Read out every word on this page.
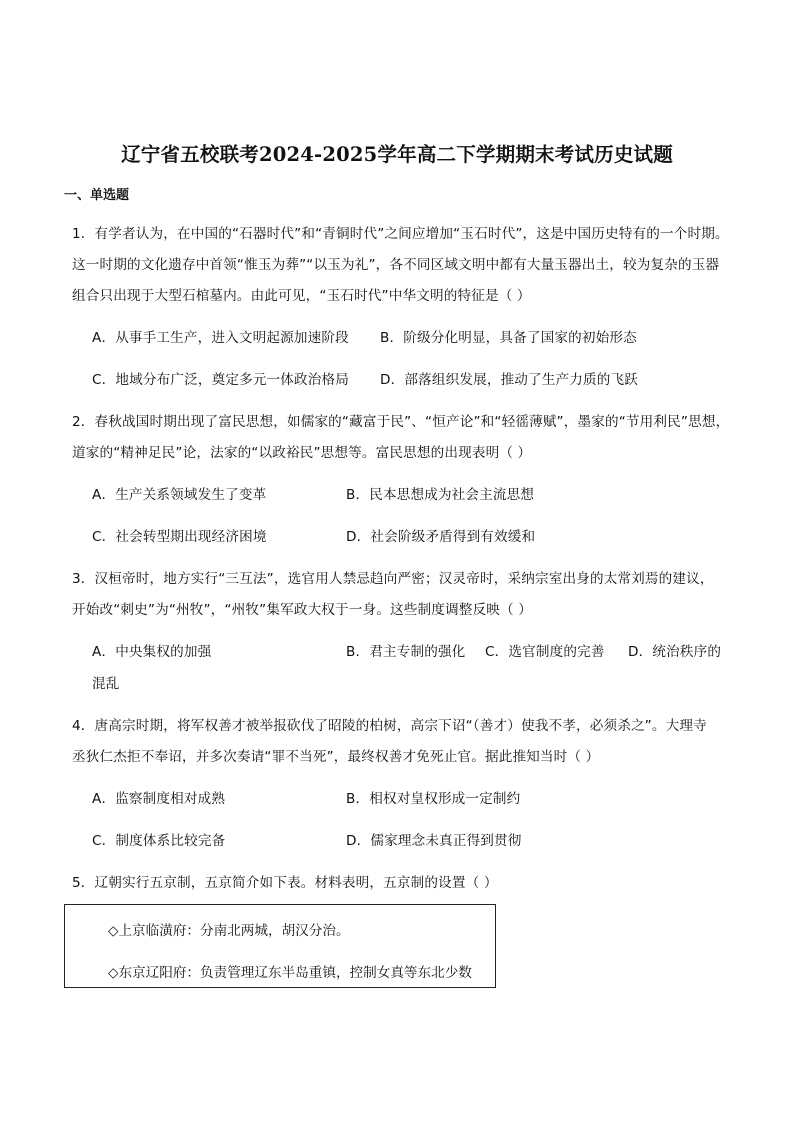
辽宁省五校联考2024-2025学年高二下学期期末考试历史试题
一、单选题
1．有学者认为，在中国的“石器时代”和“青铜时代”之间应增加“玉石时代”，这是中国历史特有的一个时期。
这一时期的文化遗存中首领“惟玉为葬”“以玉为礼”，各不同区域文明中都有大量玉器出土，较为复杂的玉器
组合只出现于大型石棺墓内。由此可见，“玉石时代”中华文明的特征是（ ）
A．从事手工生产，进入文明起源加速阶段 B．阶级分化明显，具备了国家的初始形态
C．地域分布广泛，奠定多元一体政治格局 D．部落组织发展，推动了生产力质的飞跃
2．春秋战国时期出现了富民思想，如儒家的“藏富于民”、“恒产论”和“轻徭薄赋”，墨家的“节用利民”思想，
道家的“精神足民”论，法家的“以政裕民”思想等。富民思想的出现表明（ ）
A．生产关系领域发生了变革	B．民本思想成为社会主流思想
C．社会转型期出现经济困境	D．社会阶级矛盾得到有效缓和
3．汉桓帝时，地方实行“三互法”，选官用人禁忌趋向严密；汉灵帝时，采纳宗室出身的太常刘焉的建议，
开始改“刺史”为“州牧”，“州牧”集军政大权于一身。这些制度调整反映（ ）
A．中央集权的加强	B．君主专制的强化 C．选官制度的完善 D．统治秩序的
混乱
4．唐高宗时期，将军权善才被举报砍伐了昭陵的柏树，高宗下诏“（善才）使我不孝，必须杀之”。大理寺
丞狄仁杰拒不奉诏，并多次奏请“罪不当死”，最终权善才免死止官。据此推知当时（ ）
A．监察制度相对成熟	B．相权对皇权形成一定制约
C．制度体系比较完备	D．儒家理念未真正得到贯彻
5．辽朝实行五京制，五京简介如下表。材料表明，五京制的设置（ ）
◇上京临潢府：分南北两城，胡汉分治。
◇东京辽阳府：负责管理辽东半岛重镇，控制女真等东北少数
